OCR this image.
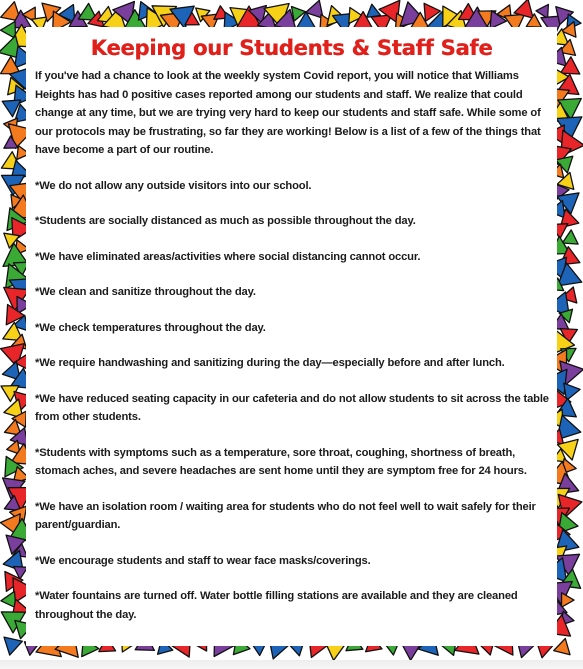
Keeping our Students & Staff Safe

If you've had a chance to look at the weekly system Covid report, you will notice that Williams Heights has had 0 positive cases reported among our students and staff. We realize that could change at any time, but we are trying very hard to keep our students and staff safe. While some of our protocols may be frustrating, so far they are working! Below is a list of a few of the things that have become a part of our routine.

*We do not allow any outside visitors into our school.

*Students are socially distanced as much as possible throughout the day.

*We have eliminated areas/activities where social distancing cannot occur.

*We clean and sanitize throughout the day.

*We check temperatures throughout the day.

*We require handwashing and sanitizing during the day—especially before and after lunch.

*We have reduced seating capacity in our cafeteria and do not allow students to sit across the table from other students.

*Students with symptoms such as a temperature, sore throat, coughing, shortness of breath, stomach aches, and severe headaches are sent home until they are symptom free for 24 hours.

*We have an isolation room / waiting area for students who do not feel well to wait safely for their parent/guardian.

*We encourage students and staff to wear face masks/coverings.

*Water fountains are turned off. Water bottle filling stations are available and they are cleaned throughout the day.
